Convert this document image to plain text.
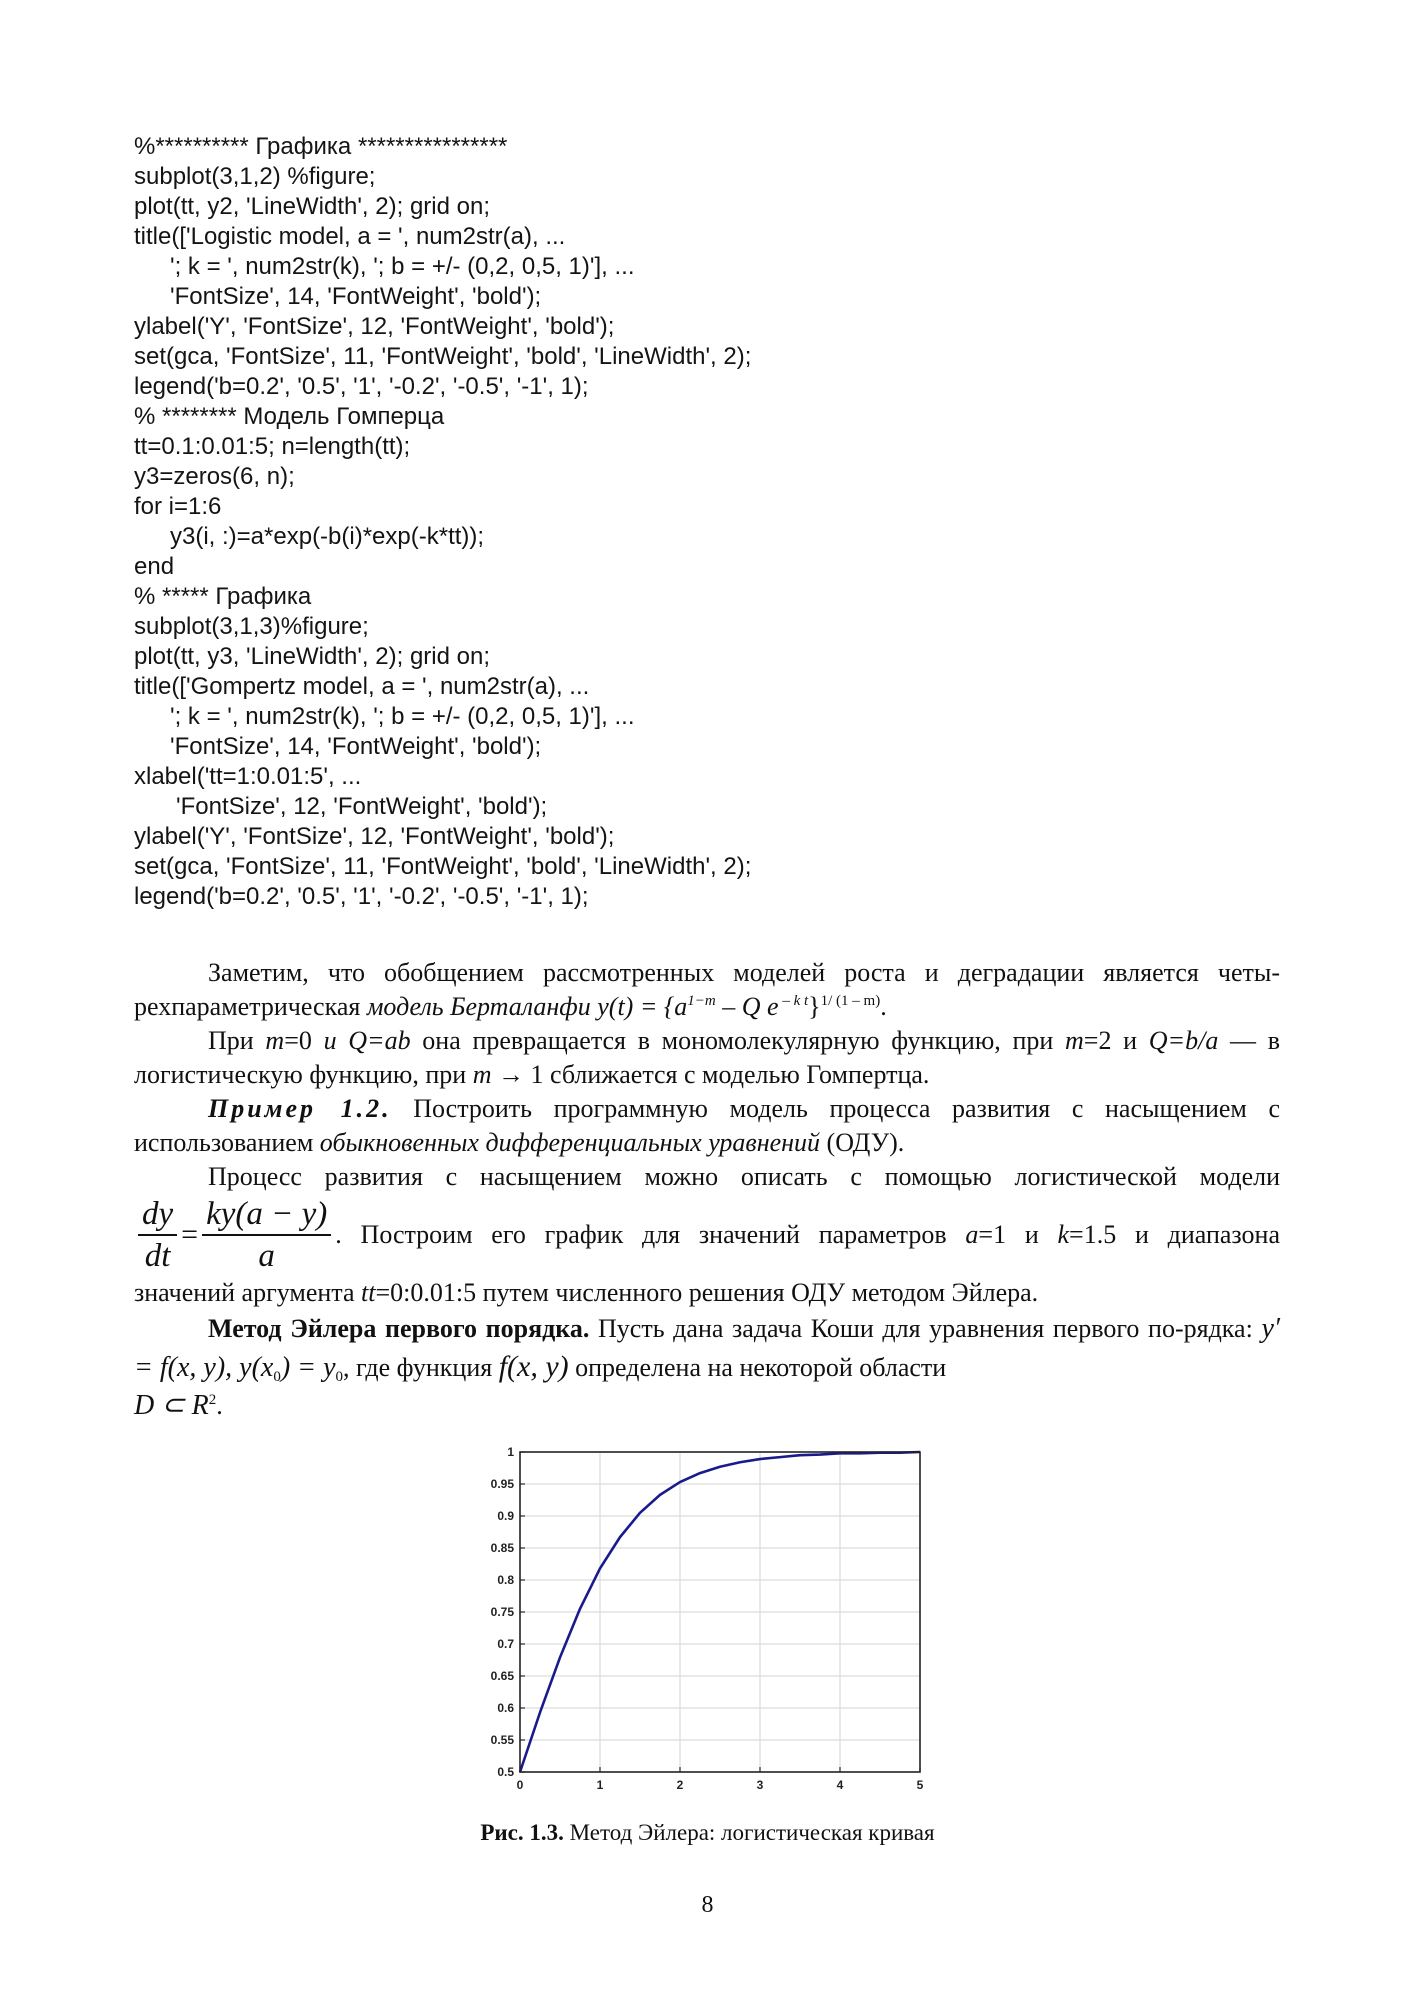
%********** Графика ****************
subplot(3,1,2) %figure;
plot(tt, y2, 'LineWidth', 2); grid on;
title(['Logistic model, a = ', num2str(a), ...
'; k = ', num2str(k), '; b = +/- (0,2, 0,5, 1)'], ...
'FontSize', 14, 'FontWeight', 'bold');
ylabel('Y', 'FontSize', 12, 'FontWeight', 'bold');
set(gca, 'FontSize', 11, 'FontWeight', 'bold', 'LineWidth', 2);
legend('b=0.2', '0.5', '1', '-0.2', '-0.5', '-1', 1);
% ******** Модель Гомперца
tt=0.1:0.01:5; n=length(tt);
y3=zeros(6, n);
for i=1:6
y3(i, :)=a*exp(-b(i)*exp(-k*tt));
end
% ***** Графика
subplot(3,1,3)%figure;
plot(tt, y3, 'LineWidth', 2); grid on;
title(['Gompertz model, a = ', num2str(a), ...
'; k = ', num2str(k), '; b = +/- (0,2, 0,5, 1)'], ...
'FontSize', 14, 'FontWeight', 'bold');
xlabel('tt=1:0.01:5', ...
'FontSize', 12, 'FontWeight', 'bold');
ylabel('Y', 'FontSize', 12, 'FontWeight', 'bold');
set(gca, 'FontSize', 11, 'FontWeight', 'bold', 'LineWidth', 2);
legend('b=0.2', '0.5', '1', '-0.2', '-0.5', '-1', 1);

Заметим, что обобщением рассмотренных моделей роста и деградации является четы-рехпараметрическая модель Берталанфи $y(t) = \{a^{1-m} - Q$ e $^{- k t}$}$^{1/ (1 - m)}$.

При m=0 и Q=ab она превращается в мономолекулярную функцию, при m=2 и Q=b/a — в логистическую функцию, при m → 1 сближается с моделью Гомпертца.

Пример 1.2. Построить программную модель процесса развития с насыщением с использованием обыкновенных дифференциальных уравнений (ОДУ).

Процесс развития с насыщением можно описать с помощью логистической модели

$\frac{dy}{dt} = \frac{ky(a - y)}{a}$ . Построим его график для значений параметров a=1 и k=1.5 и диапазона

значений аргумента tt=0:0.01:5 путем численного решения ОДУ методом Эйлера.

Метод Эйлера первого порядка. Пусть дана задача Коши для уравнения первого по-рядка: y′ = f(x, y), $y(x_0) = y_0$, где функция f(x, y) определена на некоторой области
D ⊂ $R^2$.

0	1	2	3	4	5
0.5
0.55
0.6
0.65
0.7
0.75
0.8
0.85
0.9
0.95
1
Рис. 1.3. Метод Эйлера: логистическая кривая
8
